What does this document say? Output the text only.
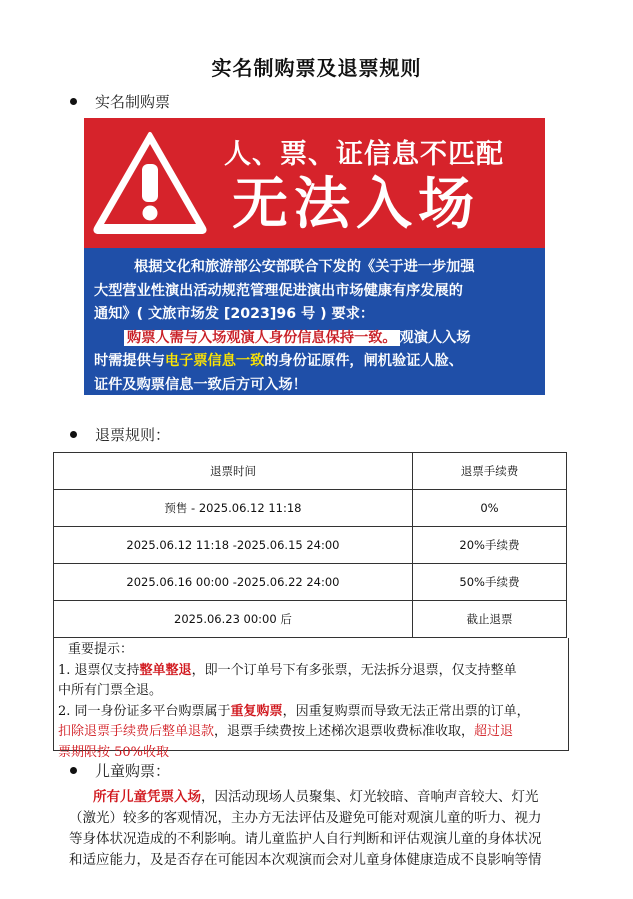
实名制购票及退票规则
实名制购票
人、票、证信息不匹配
无法入场

根据文化和旅游部公安部联合下发的《关于进一步加强

大型营业性演出活动规范管理促进演出市场健康有序发展的

通知》( 文旅市场发 [2023]96 号 ) 要求：

购票人需与入场观演人身份信息保持一致。 观演人入场

时需提供与电子票信息一致的身份证原件，闸机验证人脸、

证件及购票信息一致后方可入场！

退票规则：
退票时间	退票手续费
预售 - 2025.06.12 11:18	0%
2025.06.12 11:18 -2025.06.15 24:00	20%手续费
2025.06.16 00:00 -2025.06.22 24:00	50%手续费
2025.06.23 00:00 后	截止退票

重要提示：

1. 退票仅支持整单整退，即一个订单号下有多张票，无法拆分退票，仅支持整单

中所有门票全退。

2. 同一身份证多平台购票属于重复购票，因重复购票而导致无法正常出票的订单，

扣除退票手续费后整单退款，退票手续费按上述梯次退票收费标准收取，超过退

票期限按 50%收取

儿童购票：

所有儿童凭票入场，因活动现场人员聚集、灯光较暗、音响声音较大、灯光

（激光）较多的客观情况，主办方无法评估及避免可能对观演儿童的听力、视力

等身体状况造成的不利影响。请儿童监护人自行判断和评估观演儿童的身体状况

和适应能力，及是否存在可能因本次观演而会对儿童身体健康造成不良影响等情
